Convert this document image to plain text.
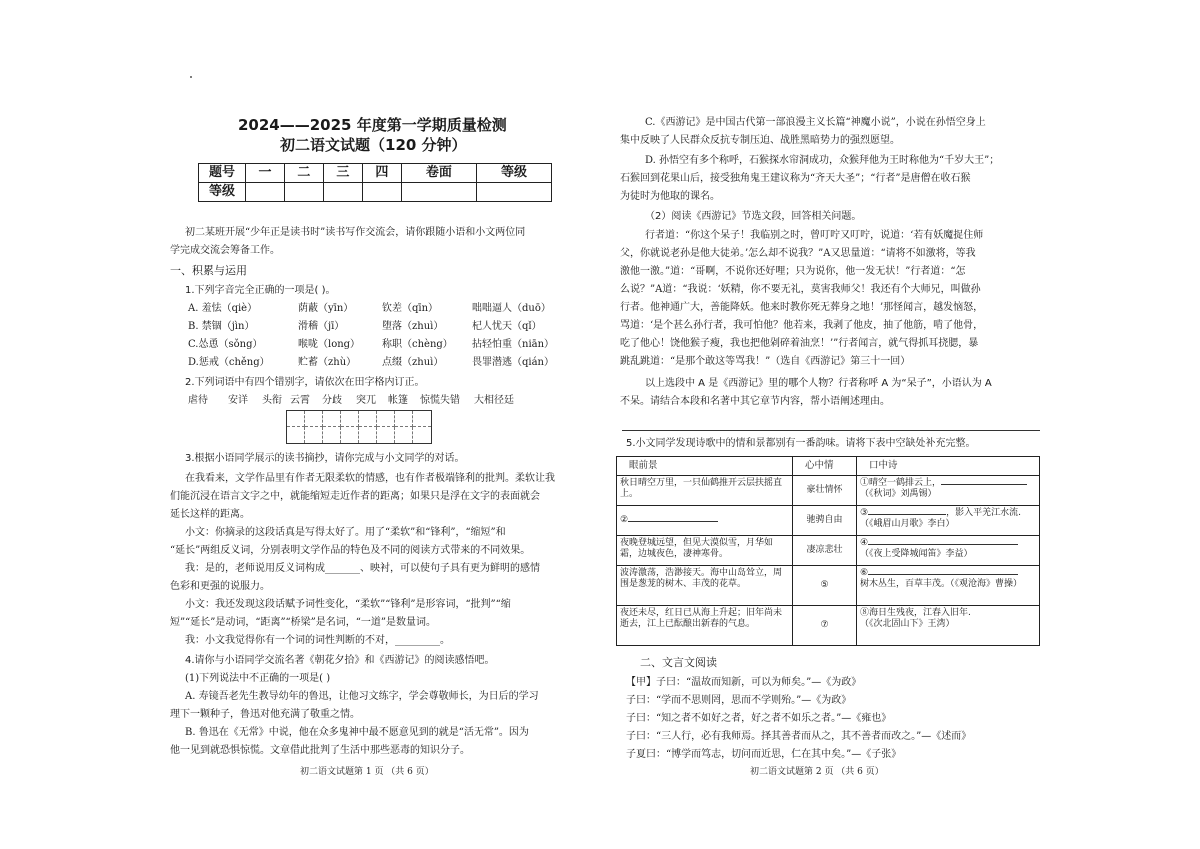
2024——2025 年度第一学期质量检测
初二语文试题（120 分钟）
题号	一	二	三	四	卷面	等级
等级						
初二某班开展“少年正是读书时”读书写作交流会，请你跟随小语和小文两位同
学完成交流会筹备工作。
一、积累与运用
1.下列字音完全正确的一项是( )。
A. 羞怯（qiè）	荫蔽（yīn）	钦差（qīn）	咄咄逼人（duō）
B. 禁锢（jìn）	滑稽（jī）	堕落（zhuì）	杞人忧天（qǐ）
C.怂恿（sǒng）	喉咙（long） 称职（chèng） 拈轻怕重（niān）
D.惩戒（chěng）	贮蓄（zhù）	点缀（zhuì）	畏罪潜逃（qián）
2.下列词语中有四个错别字，请依次在田字格内订正。
虐待 安详 头衔 云霄 分歧 突兀 帐篷 惊慌失错 大相径廷
3.根据小语同学展示的读书摘抄，请你完成与小文同学的对话。
在我看来，文学作品里有作者无限柔软的情感，也有作者极端锋利的批判。柔软让我
们能沉浸在语言文字之中，就能缩短走近作者的距离；如果只是浮在文字的表面就会
延长这样的距离。
小文：你摘录的这段话真是写得太好了。用了“柔软”和“锋利”，“缩短”和
“延长”两组反义词，分别表明文学作品的特色及不同的阅读方式带来的不同效果。
我：是的，老师说用反义词构成_______、映衬，可以使句子具有更为鲜明的感情
色彩和更强的说服力。
小文：我还发现这段话赋予词性变化，“柔软”“锋利”是形容词，“批判”“缩
短”“延长”是动词，“距离”“桥梁”是名词，“一道”是数量词。
我：小文我觉得你有一个词的词性判断的不对，_________。
4.请你与小语同学交流名著《朝花夕拾》和《西游记》的阅读感悟吧。
(1)下列说法中不正确的一项是( )
A. 寿镜吾老先生教导幼年的鲁迅，让他习文练字，学会尊敬师长，为日后的学习
理下一颗种子，鲁迅对他充满了敬重之情。
B. 鲁迅在《无常》中说，他在众多鬼神中最不愿意见到的就是“活无常”。因为
他一见到就恐惧惊慌。文章借此批判了生活中那些恶毒的知识分子。
初二语文试题第 1 页 （共 6 页）
C.《西游记》是中国古代第一部浪漫主义长篇“神魔小说”，小说在孙悟空身上
集中反映了人民群众反抗专制压迫、战胜黑暗势力的强烈愿望。
D. 孙悟空有多个称呼，石猴探水帘洞成功，众猴拜他为王时称他为“千岁大王”；
石猴回到花果山后，接受独角鬼王建议称为“齐天大圣”；“行者”是唐僧在收石猴
为徒时为他取的课名。
（2）阅读《西游记》节选文段，回答相关问题。
行者道：“你这个呆子！我临别之时，曾叮咛又叮咛，说道：‘若有妖魔捉住师
父，你就说老孙是他大徒弟。’怎么却不说我？”A又思量道：“请将不如激将，等我
激他一激。”道：“哥啊，不说你还好哩；只为说你，他一发无状！”行者道：“怎
么说？”A道：“我说：‘妖精，你不要无礼，莫害我师父！我还有个大师兄，叫做孙
行者。他神通广大，善能降妖。他来时教你死无葬身之地！’那怪闻言，越发恼怒，
骂道：‘是个甚么孙行者，我可怕他？他若来，我剥了他皮，抽了他筋，啃了他骨，
吃了他心！饶他猴子瘦，我也把他剁碎着油烹！’”行者闻言，就气得抓耳挠腮，暴
跳乱跳道：“是那个敢这等骂我！”（选自《西游记》第三十一回）
以上选段中 A 是《西游记》里的哪个人物？行者称呼 A 为“呆子”，小语认为 A
不呆。请结合本段和名著中其它章节内容，帮小语阐述理由。
5.小文同学发现诗歌中的情和景都别有一番韵味。请将下表中空缺处补充完整。
眼前景	心中情	口中诗
秋日晴空万里，一只仙鹤推开云层扶摇直上。	豪壮情怀	①晴空一鹤排云上，
（《秋词》刘禹锡）
②	驰骋自由	③ ，影入平羌江水流.
（《峨眉山月歌》李白）
夜晚登城远望，但见大漠似雪，月华如霜，边城夜色，凄神寒骨。	凄凉悲壮	④
（《夜上受降城闻笛》李益）
波涛激荡，浩渺接天。海中山岛耸立，周围是葱茏的树木、丰茂的花草。	⑤	⑥
树木丛生，百草丰茂。（《观沧海》曹操）
夜还未尽，红日已从海上升起；旧年尚未逝去，江上已酝酿出新春的气息。	⑦	⑧海日生残夜，江春入旧年.
（《次北固山下》王湾）
二、文言文阅读
【甲】子曰：“温故而知新，可以为师矣。”—《为政》
子曰：“学而不思则罔，思而不学则殆。”—《为政》
子曰：“知之者不如好之者，好之者不如乐之者。”—《雍也》
子曰：“三人行，必有我师焉。择其善者而从之，其不善者而改之。”—《述而》
子夏曰：“博学而笃志，切问而近思，仁在其中矣。”—《子张》
初二语文试题第 2 页 （共 6 页）
